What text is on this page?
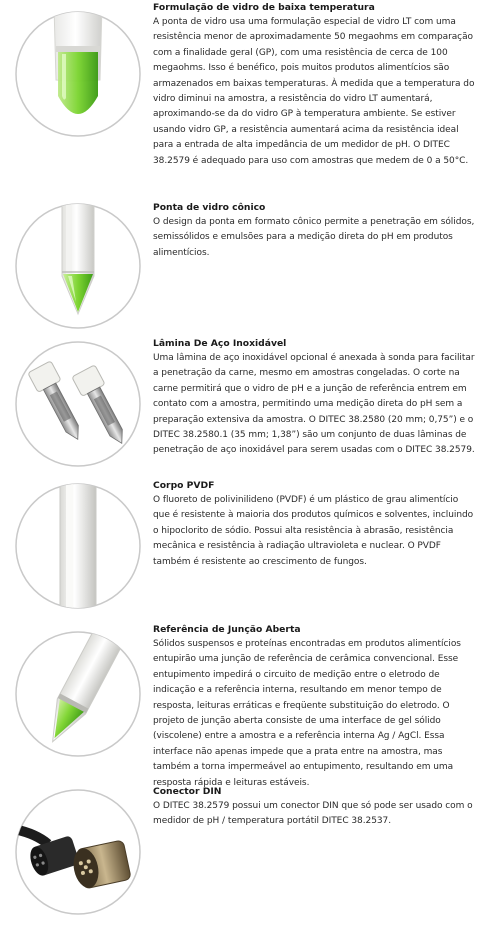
Formulação de vidro de baixa temperatura

A ponta de vidro usa uma formulação especial de vidro LT com uma resistência menor de aproximadamente 50 megaohms em comparação com a finalidade geral (GP), com uma resistência de cerca de 100 megaohms. Isso é benéfico, pois muitos produtos alimentícios são armazenados em baixas temperaturas. À medida que a temperatura do vidro diminui na amostra, a resistência do vidro LT aumentará, aproximando-se da do vidro GP à temperatura ambiente. Se estiver usando vidro GP, a resistência aumentará acima da resistência ideal para a entrada de alta impedância de um medidor de pH. O DITEC 38.2579 é adequado para uso com amostras que medem de 0 a 50°C.

Ponta de vidro cônico

O design da ponta em formato cônico permite a penetração em sólidos, semissólidos e emulsões para a medição direta do pH em produtos alimentícios.

Lâmina De Aço Inoxidável

Uma lâmina de aço inoxidável opcional é anexada à sonda para facilitar a penetração da carne, mesmo em amostras congeladas. O corte na carne permitirá que o vidro de pH e a junção de referência entrem em contato com a amostra, permitindo uma medição direta do pH sem a preparação extensiva da amostra. O DITEC 38.2580 (20 mm; 0,75”) e o DITEC 38.2580.1 (35 mm; 1,38”) são um conjunto de duas lâminas de penetração de aço inoxidável para serem usadas com o DITEC 38.2579.

Corpo PVDF

O fluoreto de polivinilideno (PVDF) é um plástico de grau alimentício que é resistente à maioria dos produtos químicos e solventes, incluindo o hipoclorito de sódio. Possui alta resistência à abrasão, resistência mecânica e resistência à radiação ultravioleta e nuclear. O PVDF também é resistente ao crescimento de fungos.

Referência de Junção Aberta

Sólidos suspensos e proteínas encontradas em produtos alimentícios entupirão uma junção de referência de cerâmica convencional. Esse entupimento impedirá o circuito de medição entre o eletrodo de indicação e a referência interna, resultando em menor tempo de resposta, leituras erráticas e freqüente substituição do eletrodo. O projeto de junção aberta consiste de uma interface de gel sólido (viscolene) entre a amostra e a referência interna Ag / AgCl. Essa interface não apenas impede que a prata entre na amostra, mas também a torna impermeável ao entupimento, resultando em uma resposta rápida e leituras estáveis.

Conector DIN

O DITEC 38.2579 possui um conector DIN que só pode ser usado com o medidor de pH / temperatura portátil DITEC 38.2537.
